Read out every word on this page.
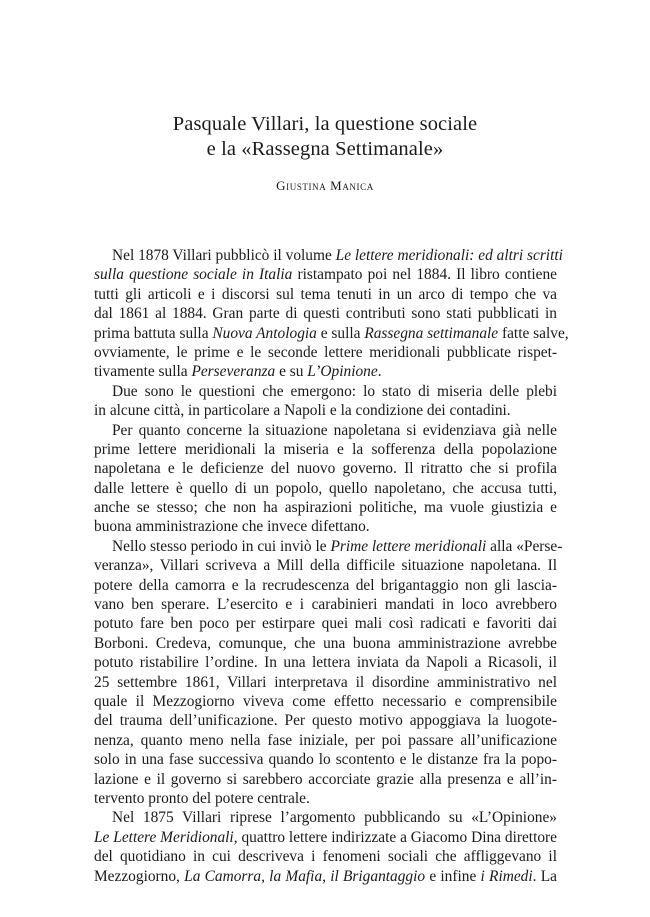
Pasquale Villari, la questione sociale
e la «Rassegna Settimanale»
Giustina Manica
Nel 1878 Villari pubblicò il volume Le lettere meridionali: ed altri scritti
sulla questione sociale in Italia ristampato poi nel 1884. Il libro contiene
tutti gli articoli e i discorsi sul tema tenuti in un arco di tempo che va
dal 1861 al 1884. Gran parte di questi contributi sono stati pubblicati in
prima battuta sulla Nuova Antologia e sulla Rassegna settimanale fatte salve,
ovviamente, le prime e le seconde lettere meridionali pubblicate rispet-
tivamente sulla Perseveranza e su L’Opinione.
Due sono le questioni che emergono: lo stato di miseria delle plebi
in alcune città, in particolare a Napoli e la condizione dei contadini.
Per quanto concerne la situazione napoletana si evidenziava già nelle
prime lettere meridionali la miseria e la sofferenza della popolazione
napoletana e le deficienze del nuovo governo. Il ritratto che si profila
dalle lettere è quello di un popolo, quello napoletano, che accusa tutti,
anche se stesso; che non ha aspirazioni politiche, ma vuole giustizia e
buona amministrazione che invece difettano.
Nello stesso periodo in cui inviò le Prime lettere meridionali alla «Perse-
veranza», Villari scriveva a Mill della difficile situazione napoletana. Il
potere della camorra e la recrudescenza del brigantaggio non gli lascia-
vano ben sperare. L’esercito e i carabinieri mandati in loco avrebbero
potuto fare ben poco per estirpare quei mali così radicati e favoriti dai
Borboni. Credeva, comunque, che una buona amministrazione avrebbe
potuto ristabilire l’ordine. In una lettera inviata da Napoli a Ricasoli, il
25 settembre 1861, Villari interpretava il disordine amministrativo nel
quale il Mezzogiorno viveva come effetto necessario e comprensibile
del trauma dell’unificazione. Per questo motivo appoggiava la luogote-
nenza, quanto meno nella fase iniziale, per poi passare all’unificazione
solo in una fase successiva quando lo scontento e le distanze fra la popo-
lazione e il governo si sarebbero accorciate grazie alla presenza e all’in-
tervento pronto del potere centrale.
Nel 1875 Villari riprese l’argomento pubblicando su «L’Opinione»
Le Lettere Meridionali, quattro lettere indirizzate a Giacomo Dina direttore
del quotidiano in cui descriveva i fenomeni sociali che affliggevano il
Mezzogiorno, La Camorra, la Mafia, il Brigantaggio e infine i Rimedi. La
